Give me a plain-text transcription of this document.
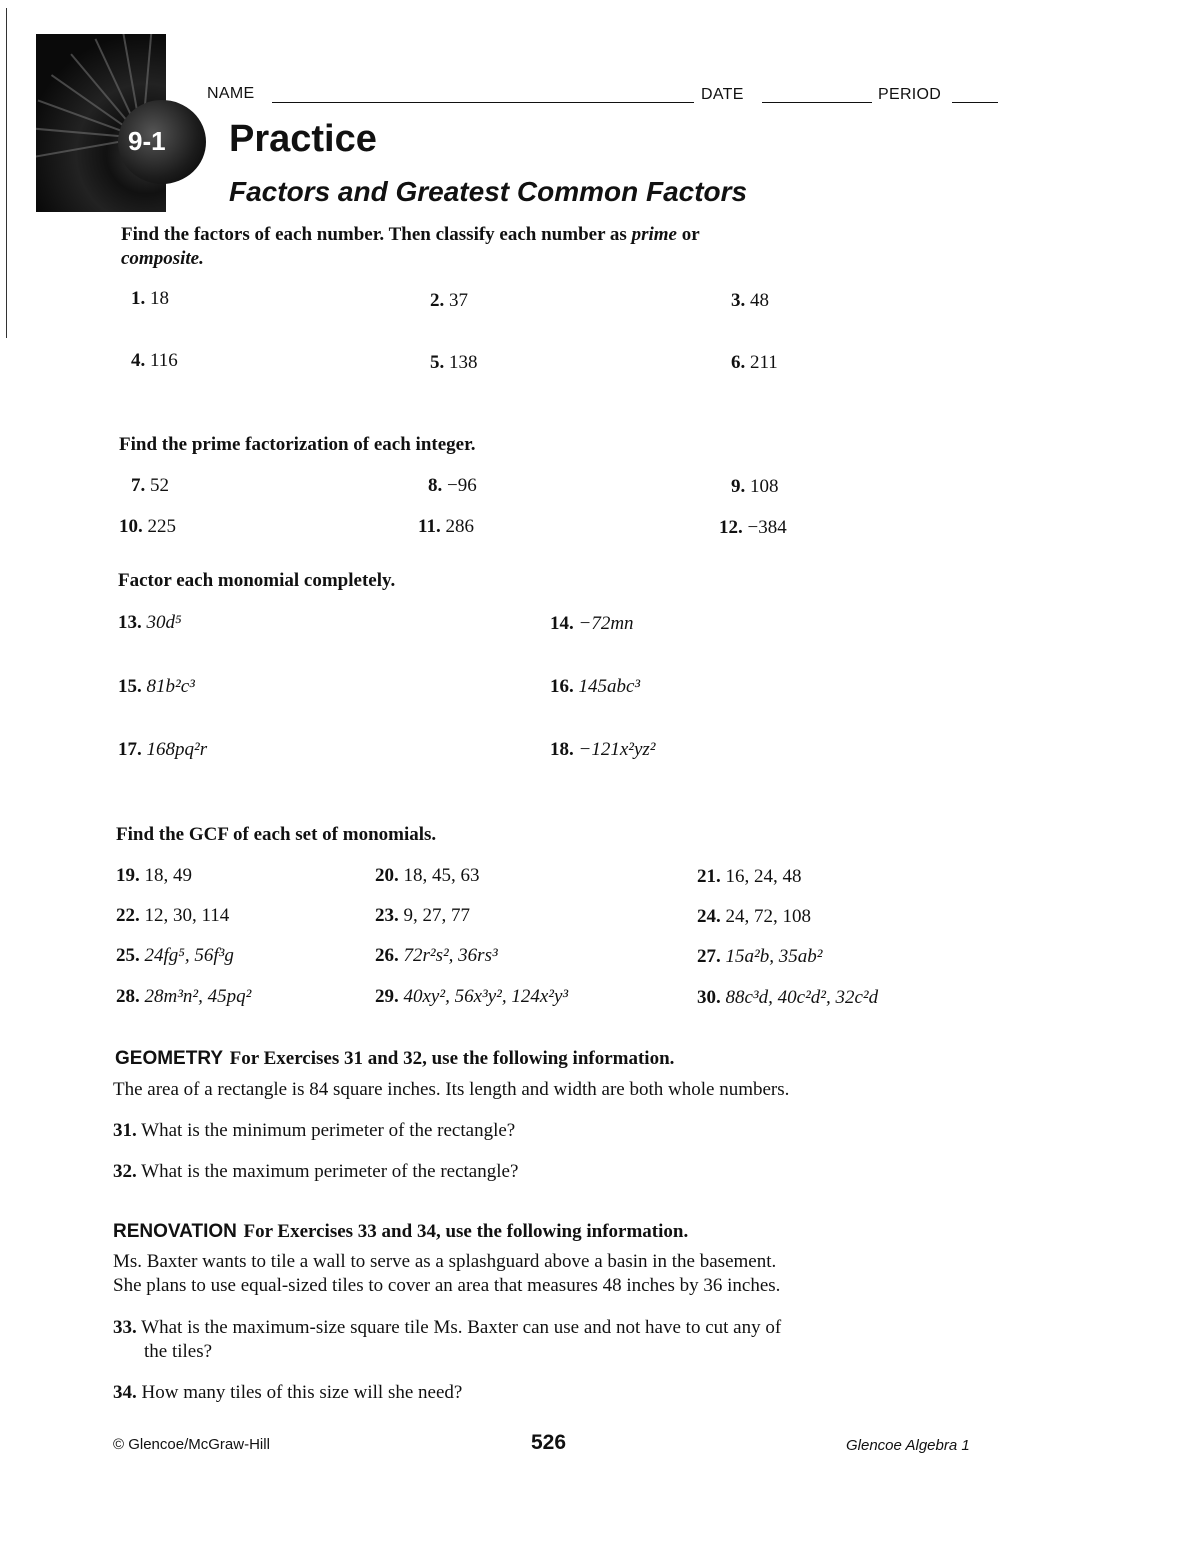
9-1
NAME	DATE	PERIOD
Practice
Factors and Greatest Common Factors
Find the factors of each number. Then classify each number as prime or
composite.
1. 18	2. 37	3. 48
4. 116	5. 138	6. 211
Find the prime factorization of each integer.
7. 52	8. −96	9. 108
10. 225	11. 286	12. −384
Factor each monomial completely.
13. 30d⁵	14. −72mn
15. 81b²c³	16. 145abc³
17. 168pq²r	18. −121x²yz²
Find the GCF of each set of monomials.
19. 18, 49	20. 18, 45, 63	21. 16, 24, 48
22. 12, 30, 114	23. 9, 27, 77	24. 24, 72, 108
25. 24fg⁵, 56f³g	26. 72r²s², 36rs³	27. 15a²b, 35ab²
28. 28m³n², 45pq²	29. 40xy², 56x³y², 124x²y³	30. 88c³d, 40c²d², 32c²d
GEOMETRY For Exercises 31 and 32, use the following information.
The area of a rectangle is 84 square inches. Its length and width are both whole numbers.
31. What is the minimum perimeter of the rectangle?
32. What is the maximum perimeter of the rectangle?
RENOVATION For Exercises 33 and 34, use the following information.
Ms. Baxter wants to tile a wall to serve as a splashguard above a basin in the basement.
She plans to use equal-sized tiles to cover an area that measures 48 inches by 36 inches.
33. What is the maximum-size square tile Ms. Baxter can use and not have to cut any of
the tiles?
34. How many tiles of this size will she need?
© Glencoe/McGraw-Hill	526	Glencoe Algebra 1
